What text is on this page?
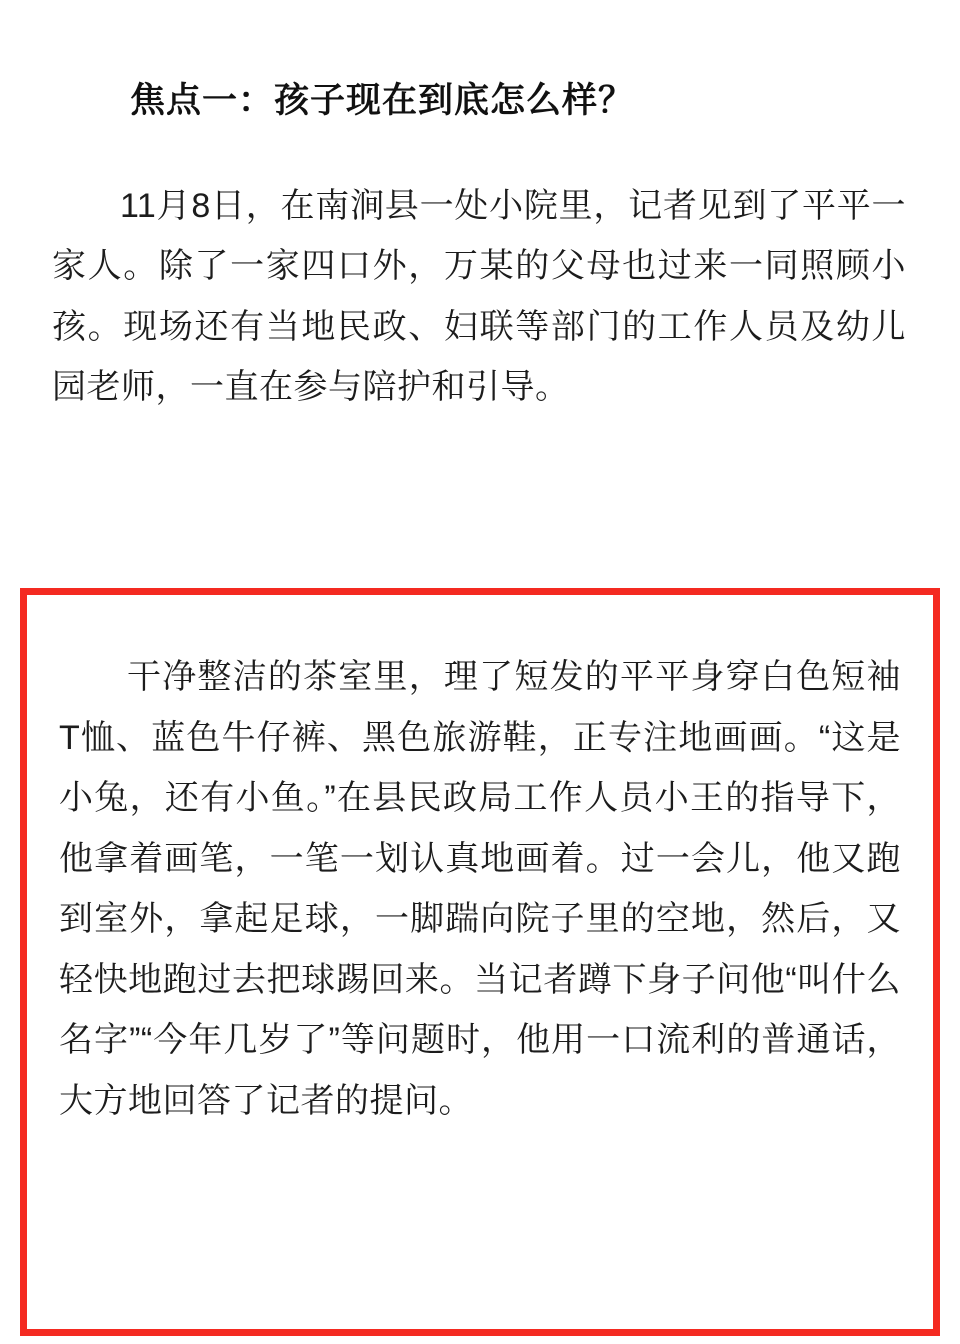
焦点一：孩子现在到底怎么样？

11月8日，在南涧县一处小院里，记者见到了平平一家人。除了一家四口外，万某的父母也过来一同照顾小孩。现场还有当地民政、妇联等部门的工作人员及幼儿园老师，一直在参与陪护和引导。

干净整洁的茶室里，理了短发的平平身穿白色短袖T恤、蓝色牛仔裤、黑色旅游鞋，正专注地画画。“这是小兔，还有小鱼。”在县民政局工作人员小王的指导下，他拿着画笔，一笔一划认真地画着。过一会儿，他又跑到室外，拿起足球，一脚踹向院子里的空地，然后，又轻快地跑过去把球踢回来。当记者蹲下身子问他“叫什么名字”“今年几岁了”等问题时，他用一口流利的普通话，大方地回答了记者的提问。
